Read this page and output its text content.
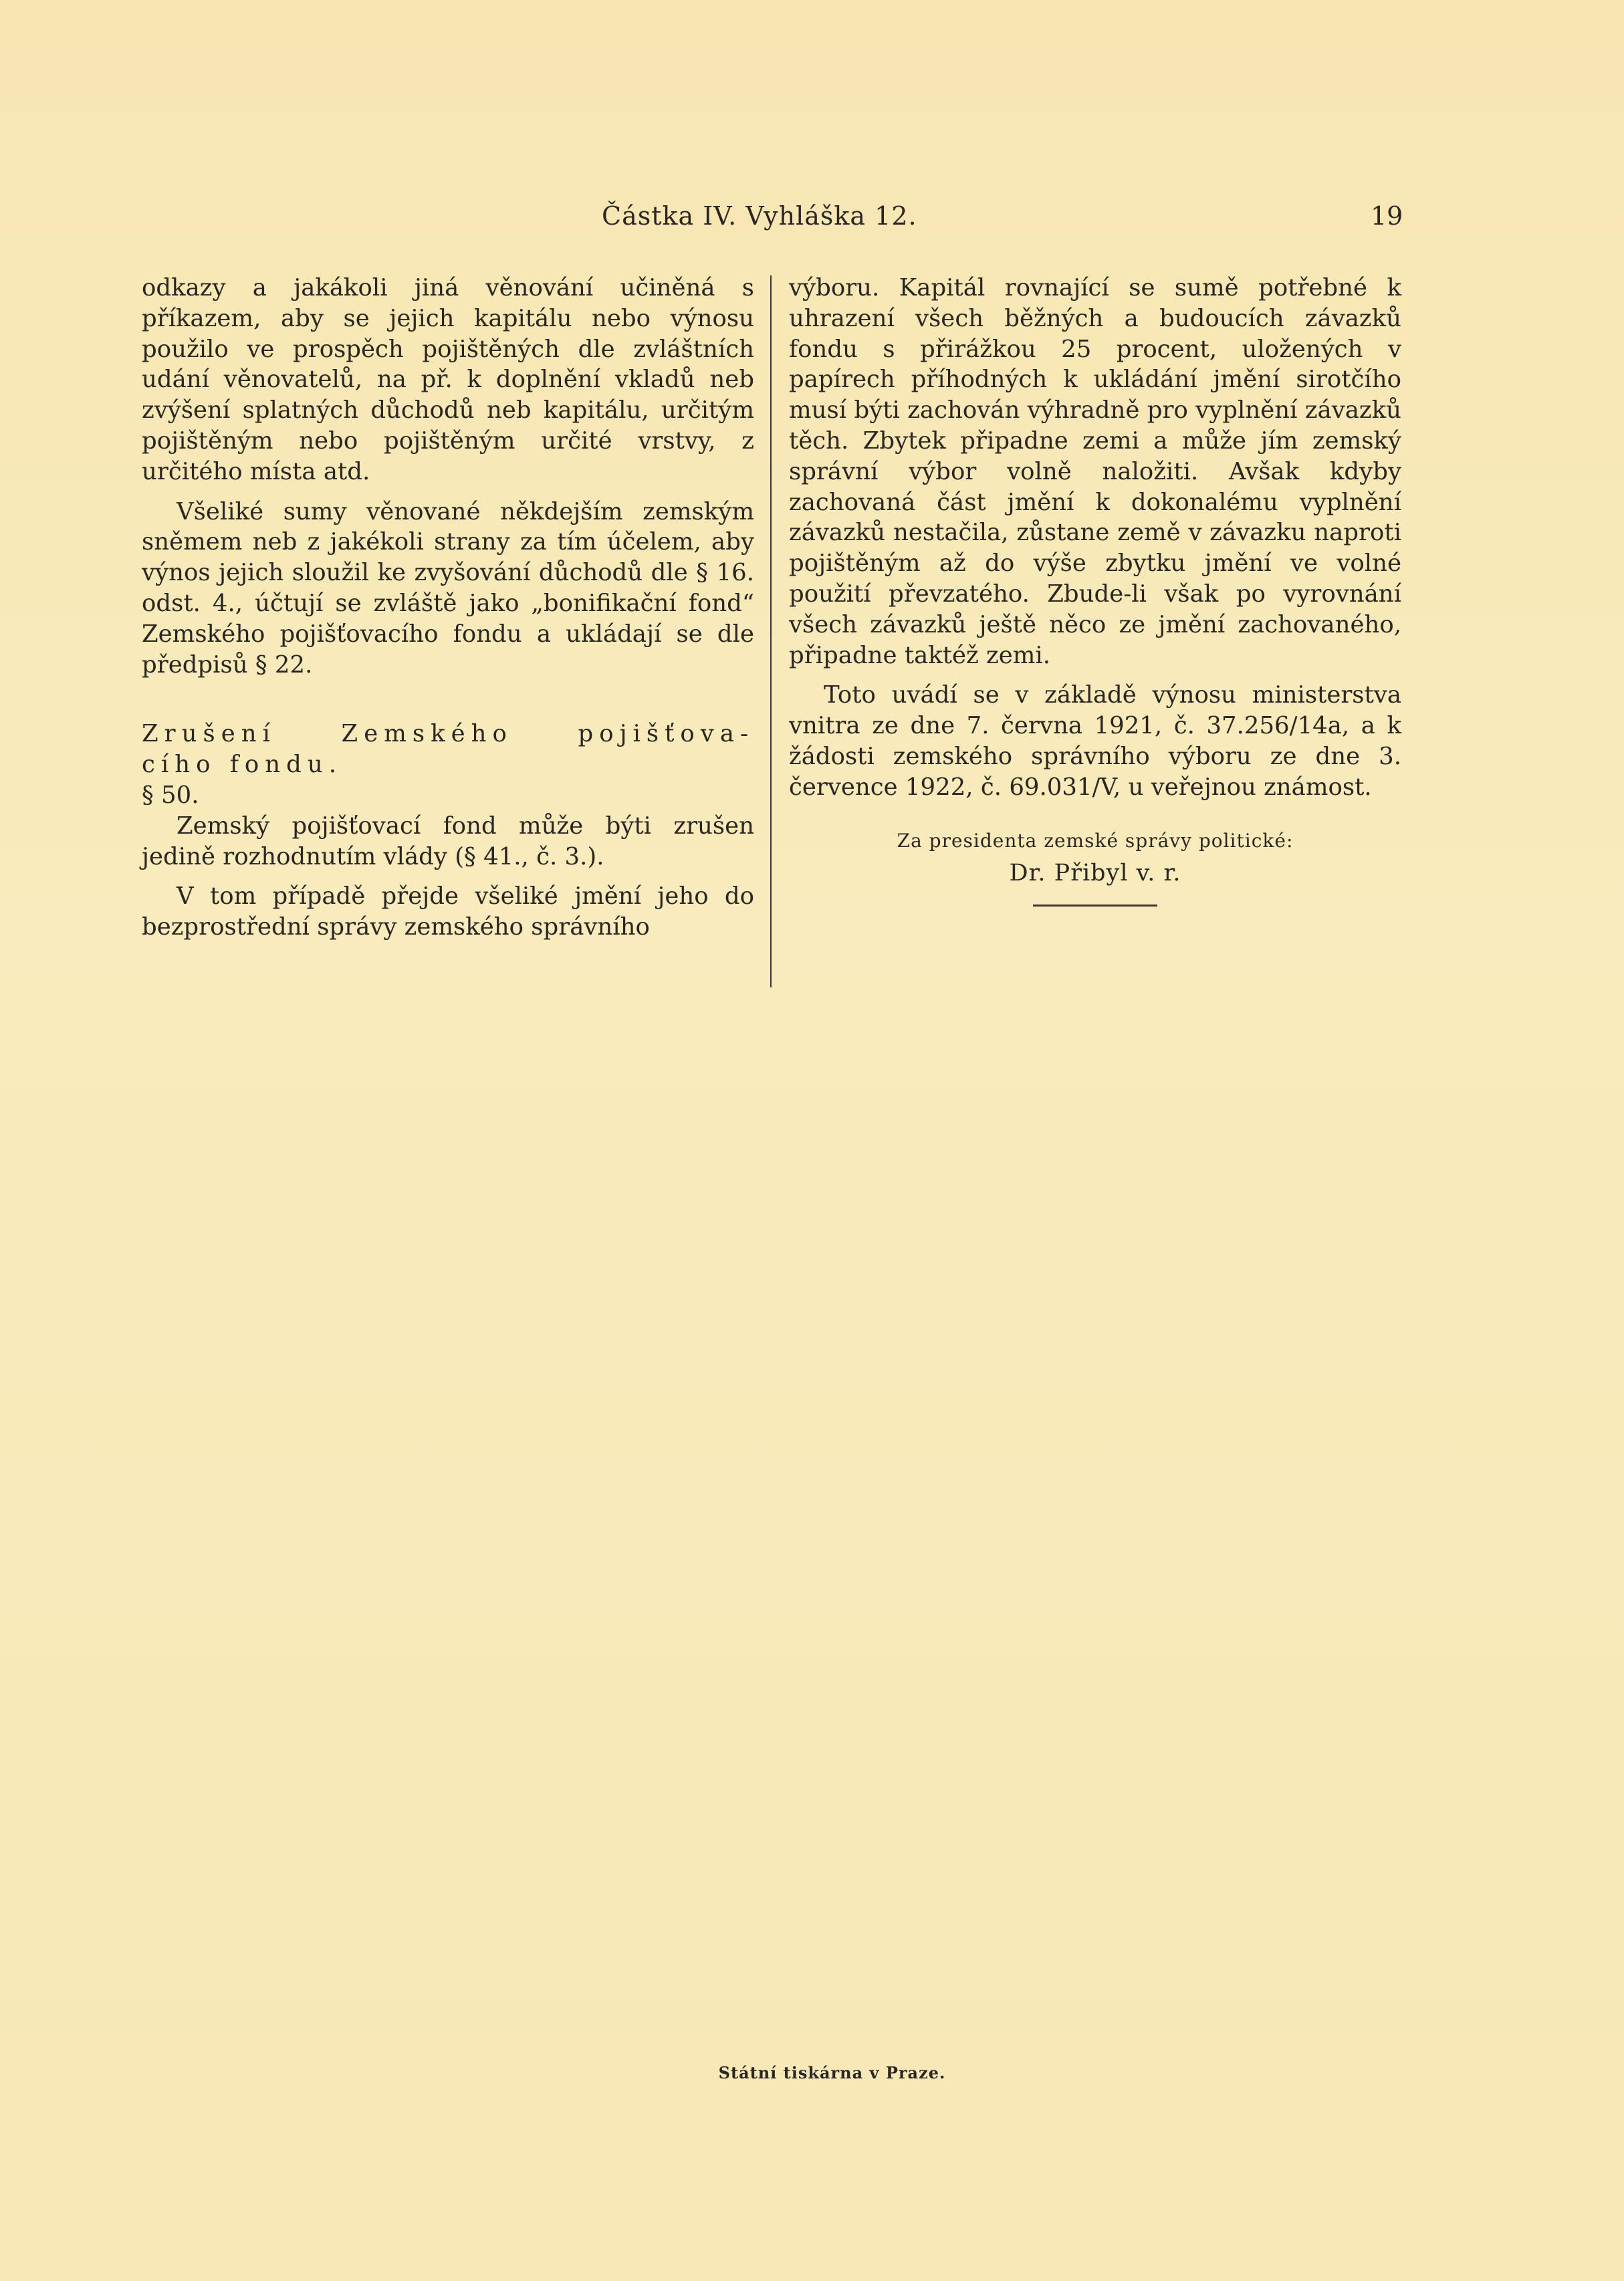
Částka IV. Vyhláška 12.	19

odkazy a jakákoli jiná věnování učiněná s příkazem, aby se jejich kapitálu nebo výnosu použilo ve prospěch pojištěných dle zvláštních udání věnovatelů, na př. k doplnění vkladů neb zvýšení splatných důchodů neb kapitálu, určitým pojištěným nebo pojištěným určité vrstvy, z určitého místa atd.

Všeliké sumy věnované někdejším zemským sněmem neb z jakékoli strany za tím účelem, aby výnos jejich sloužil ke zvyšování důchodů dle § 16. odst. 4., účtují se zvláště jako „bonifikační fond“ Zemského pojišťovacího fondu a ukládají se dle předpisů § 22.

Zrušení Zemského pojišťova-

cího fondu.

§ 50.

Zemský pojišťovací fond může býti zrušen jedině rozhodnutím vlády (§ 41., č. 3.).

V tom případě přejde všeliké jmění jeho do bezprostřední správy zemského správního

výboru. Kapitál rovnající se sumě potřebné k uhrazení všech běžných a budoucích závazků fondu s přirážkou 25 procent, uložených v papírech příhodných k ukládání jmění sirotčího musí býti zachován výhradně pro vyplnění závazků těch. Zbytek připadne zemi a může jím zemský správní výbor volně naložiti. Avšak kdyby zachovaná část jmění k dokonalému vyplnění závazků nestačila, zůstane země v závazku naproti pojištěným až do výše zbytku jmění ve volné použití převzatého. Zbude-li však po vyrovnání všech závazků ještě něco ze jmění zachovaného, připadne taktéž zemi.

Toto uvádí se v základě výnosu ministerstva vnitra ze dne 7. června 1921, č. 37.256/14a, a k žádosti zemského správního výboru ze dne 3. července 1922, č. 69.031/V, u veřejnou známost.

Za presidenta zemské správy politické:
Dr. Přibyl v. r.
Státní tiskárna v Praze.
